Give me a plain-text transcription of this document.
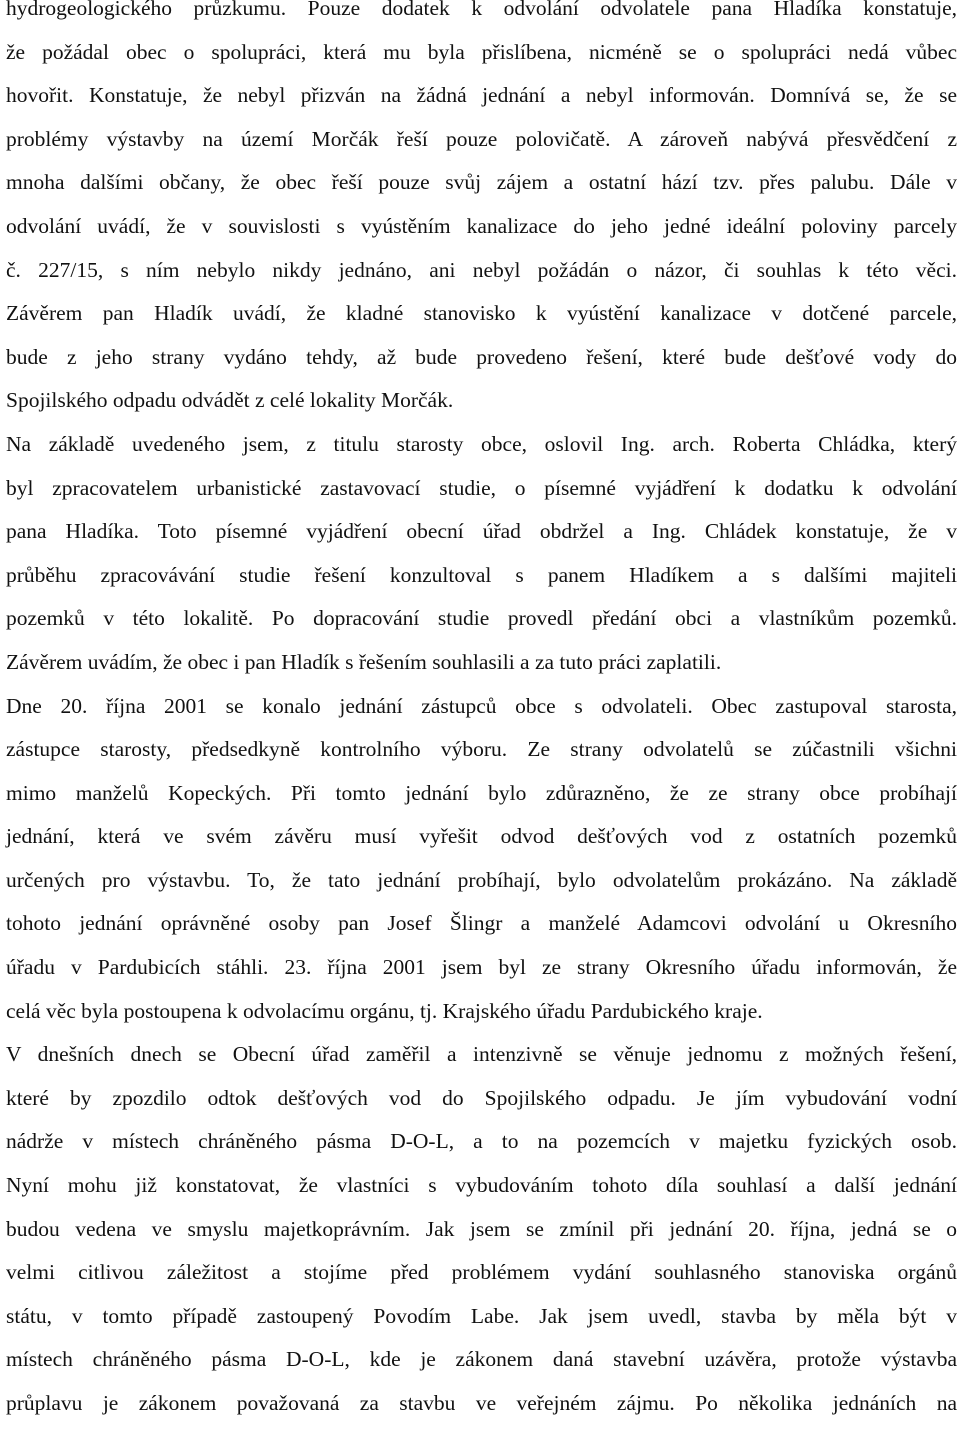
hydrogeologického průzkumu. Pouze dodatek k odvolání odvolatele pana Hladíka konstatuje,
že požádal obec o spolupráci, která mu byla přislíbena, nicméně se o spolupráci nedá vůbec
hovořit. Konstatuje, že nebyl přizván na žádná jednání a nebyl informován. Domnívá se, že se
problémy výstavby na území Morčák řeší pouze polovičatě. A zároveň nabývá přesvědčení z
mnoha dalšími občany, že obec řeší pouze svůj zájem a ostatní hází tzv. přes palubu. Dále v
odvolání uvádí, že v souvislosti s vyústěním kanalizace do jeho jedné ideální poloviny parcely
č. 227/15, s ním nebylo nikdy jednáno, ani nebyl požádán o názor, či souhlas k této věci.
Závěrem pan Hladík uvádí, že kladné stanovisko k vyústění kanalizace v dotčené parcele,
bude z jeho strany vydáno tehdy, až bude provedeno řešení, které bude dešťové vody do
Spojilského odpadu odvádět z celé lokality Morčák.
Na základě uvedeného jsem, z titulu starosty obce, oslovil Ing. arch. Roberta Chládka, který
byl zpracovatelem urbanistické zastavovací studie, o písemné vyjádření k dodatku k odvolání
pana Hladíka. Toto písemné vyjádření obecní úřad obdržel a Ing. Chládek konstatuje, že v
průběhu zpracovávání studie řešení konzultoval s panem Hladíkem a s dalšími majiteli
pozemků v této lokalitě. Po dopracování studie provedl předání obci a vlastníkům pozemků.
Závěrem uvádím, že obec i pan Hladík s řešením souhlasili a za tuto práci zaplatili.
Dne 20. října 2001 se konalo jednání zástupců obce s odvolateli. Obec zastupoval starosta,
zástupce starosty, předsedkyně kontrolního výboru. Ze strany odvolatelů se zúčastnili všichni
mimo manželů Kopeckých. Při tomto jednání bylo zdůrazněno, že ze strany obce probíhají
jednání, která ve svém závěru musí vyřešit odvod dešťových vod z ostatních pozemků
určených pro výstavbu. To, že tato jednání probíhají, bylo odvolatelům prokázáno. Na základě
tohoto jednání oprávněné osoby pan Josef Šlingr a manželé Adamcovi odvolání u Okresního
úřadu v Pardubicích stáhli. 23. října 2001 jsem byl ze strany Okresního úřadu informován, že
celá věc byla postoupena k odvolacímu orgánu, tj. Krajského úřadu Pardubického kraje.
V dnešních dnech se Obecní úřad zaměřil a intenzivně se věnuje jednomu z možných řešení,
které by zpozdilo odtok dešťových vod do Spojilského odpadu. Je jím vybudování vodní
nádrže v místech chráněného pásma D-O-L, a to na pozemcích v majetku fyzických osob.
Nyní mohu již konstatovat, že vlastníci s vybudováním tohoto díla souhlasí a další jednání
budou vedena ve smyslu majetkoprávním. Jak jsem se zmínil při jednání 20. října, jedná se o
velmi citlivou záležitost a stojíme před problémem vydání souhlasného stanoviska orgánů
státu, v tomto případě zastoupený Povodím Labe. Jak jsem uvedl, stavba by měla být v
místech chráněného pásma D-O-L, kde je zákonem daná stavební uzávěra, protože výstavba
průplavu je zákonem považovaná za stavbu ve veřejném zájmu. Po několika jednáních na
